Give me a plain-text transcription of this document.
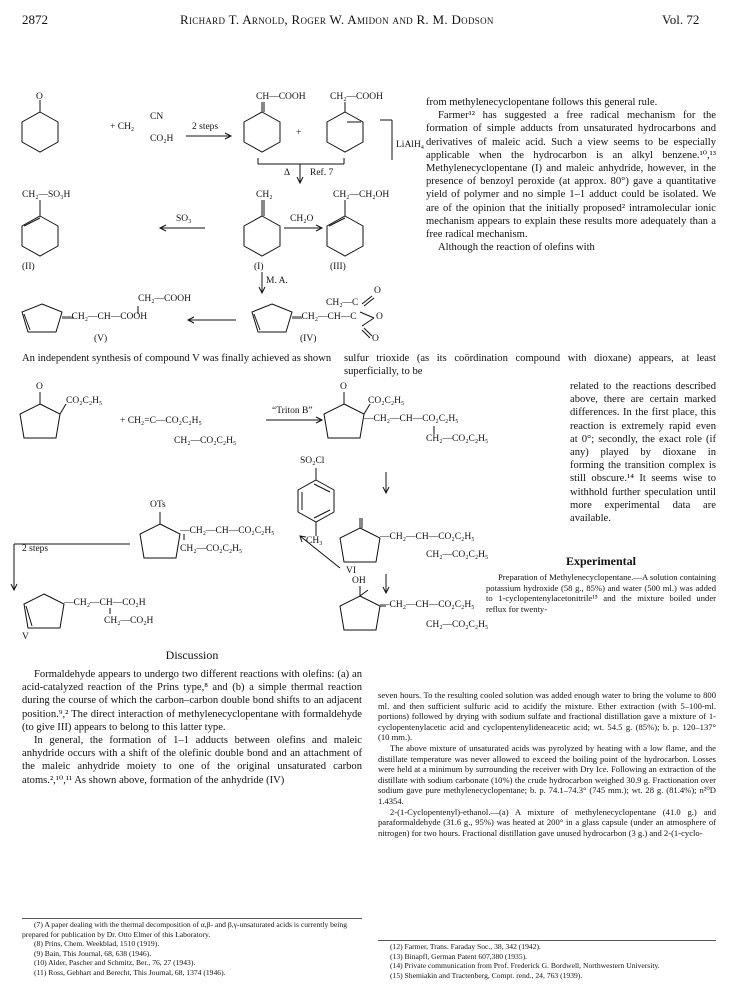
2872	Richard T. Arnold, Roger W. Amidon and R. M. Dodson	Vol. 72
O
+ CH₂
CN
CO₂H
2 steps
CH—COOH	CH₂—COOH
+
LiAlH₄
Δ Ref. 7
CH₂—SO₃H
SO₃
CH₂
CH₂O
CH₂—CH₂OH
(II)	(I)	(III)
M. A.
CH₂—COOH
—CH₂—CH—COOH
CH₂—C
—CH₂—CH—C
O
O
O
(V)	(IV)

from methylenecyclopentane follows this general rule.

Farmer¹² has suggested a free radical mechanism for the formation of simple adducts from unsaturated hydrocarbons and derivatives of maleic acid. Such a view seems to be especially applicable when the hydrocarbon is an alkyl benzene.¹⁰,¹³ Methylenecyclopentane (I) and maleic anhydride, however, in the presence of benzoyl peroxide (at approx. 80°) gave a quantitative yield of polymer and no simple 1–1 adduct could be isolated. We are of the opinion that the initially proposed² intramolecular ionic mechanism appears to explain these results more adequately than a free radical mechanism.

Although the reaction of olefins with

An independent synthesis of compound V was finally achieved as shown	sulfur trioxide (as its coördination compound with dioxane) appears, at least superficially, to be

related to the reactions described above, there are certain marked differences. In the first place, this reaction is extremely rapid even at 0°; secondly, the exact role (if any) played by dioxane in forming the transition complex is still obscure.¹⁴ It seems wise to withhold further speculation until more experimental data are available.

O
CO₂C₂H₅
+ CH₂=C—CO₂C₂H₅
CH₂—CO₂C₂H₅
“Triton B”
O
CO₂C₂H₅
—CH₂—CH—CO₂C₂H₅
CH₂—CO₂C₂H₅
SO₂Cl
CH₃
OTs
—CH₂—CH—CO₂C₂H₅
CH₂—CO₂C₂H₅
—CH₂—CH—CO₂C₂H₅
CH₂—CO₂C₂H₅
VI
2 steps
—CH₂—CH—CO₂H
CH₂—CO₂H
V
OH
—CH₂—CH—CO₂C₂H₅
CH₂—CO₂C₂H₅
Experimental

Preparation of Methylenecyclopentane.—A solution containing potassium hydroxide (58 g., 85%) and water (500 ml.) was added to 1-cyclopentenylacetonitrile¹⁵ and the mixture boiled under reflux for twenty-

Discussion

Formaldehyde appears to undergo two different reactions with olefins: (a) an acid-catalyzed reaction of the Prins type,⁸ and (b) a simple thermal reaction during the course of which the carbon–carbon double bond shifts to an adjacent position.⁹,² The direct interaction of methylenecyclopentane with formaldehyde (to give III) appears to belong to this latter type.

In general, the formation of 1–1 adducts between olefins and maleic anhydride occurs with a shift of the olefinic double bond and an attachment of the maleic anhydride moiety to one of the original unsaturated carbon atoms.²,¹⁰,¹¹ As shown above, formation of the anhydride (IV)

seven hours. To the resulting cooled solution was added enough water to bring the volume to 800 ml. and then sufficient sulfuric acid to acidify the mixture. Ether extraction (with 5–100-ml. portions) followed by drying with sodium sulfate and fractional distillation gave a mixture of 1-cyclopentenylacetic acid and cyclopentenylideneacetic acid; wt. 54.5 g. (85%); b. p. 120–137° (10 mm.).

The above mixture of unsaturated acids was pyrolyzed by heating with a low flame, and the distillate temperature was never allowed to exceed the boiling point of the hydrocarbon. Losses were held at a minimum by surrounding the receiver with Dry Ice. Following an extraction of the distillate with sodium carbonate (10%) the crude hydrocarbon weighed 30.9 g. Fractionation over sodium gave pure methylenecyclopentane; b. p. 74.1–74.3° (745 mm.); wt. 28 g. (81.4%); n²⁰D 1.4354.

2-(1-Cyclopentenyl)-ethanol.—(a) A mixture of methylenecyclopentane (41.0 g.) and paraformaldehyde (31.6 g., 95%) was heated at 200° in a glass capsule (under an atmosphere of nitrogen) for two hours. Fractional distillation gave unused hydrocarbon (3 g.) and 2-(1-cyclo-

(7) A paper dealing with the thermal decomposition of α,β- and β,γ-unsaturated acids is currently being prepared for publication by Dr. Otto Elmer of this Laboratory.
(8) Prins, Chem. Weekblad, 1510 (1919).
(9) Bain, This Journal, 68, 638 (1946).
(10) Alder, Pascher and Schmitz, Ber., 76, 27 (1943).
(11) Ross, Gebhart and Berecht, This Journal, 68, 1374 (1946).
(12) Farmer, Trans. Faraday Soc., 38, 342 (1942).
(13) Binapfl, German Patent 607,380 (1935).
(14) Private communication from Prof. Frederick G. Bordwell, Northwestern University.
(15) Shemiakin and Tractenberg, Compt. rend., 24, 763 (1939).
